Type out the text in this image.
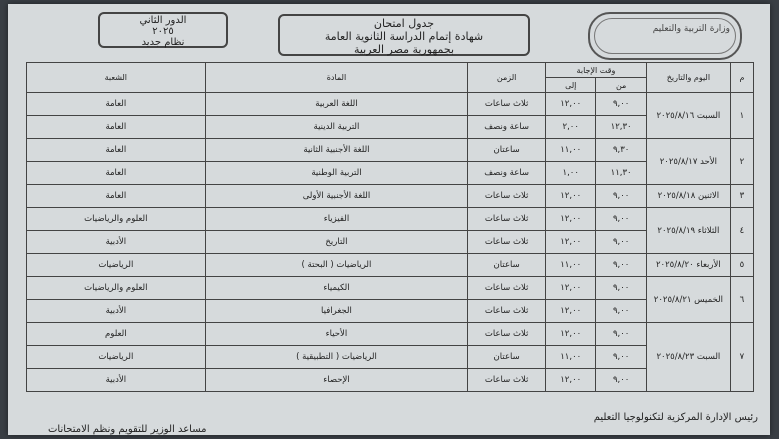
وزارة التربية والتعليم
جدول امتحان
شهادة إتمام الدراسة الثانوية العامة
بجمهورية مصر العربية
الدور الثاني
٢٠٢٥
نظام جديد
م	اليوم والتاريخ	وقت الإجابة		الزمن	المادة	الشعبة
		من	إلى			
١	السبت ٢٠٢٥/٨/١٦	٩,٠٠	١٢,٠٠	ثلاث ساعات	اللغة العربية	العامة
		١٢,٣٠	٢,٠٠	ساعة ونصف	التربية الدينية	العامة
٢	الأحد ٢٠٢٥/٨/١٧	٩,٣٠	١١,٠٠	ساعتان	اللغة الأجنبية الثانية	العامة
		١١,٣٠	١,٠٠	ساعة ونصف	التربية الوطنية	العامة
٣	الاثنين ٢٠٢٥/٨/١٨	٩,٠٠	١٢,٠٠	ثلاث ساعات	اللغة الأجنبية الأولى	العامة
٤	الثلاثاء ٢٠٢٥/٨/١٩	٩,٠٠	١٢,٠٠	ثلاث ساعات	الفيزياء	العلوم والرياضيات
		٩,٠٠	١٢,٠٠	ثلاث ساعات	التاريخ	الأدبية
٥	الأربعاء ٢٠٢٥/٨/٢٠	٩,٠٠	١١,٠٠	ساعتان	الرياضيات ( البحتة )	الرياضيات
٦	الخميس ٢٠٢٥/٨/٢١	٩,٠٠	١٢,٠٠	ثلاث ساعات	الكيمياء	العلوم والرياضيات
		٩,٠٠	١٢,٠٠	ثلاث ساعات	الجغرافيا	الأدبية
٧	السبت ٢٠٢٥/٨/٢٣	٩,٠٠	١٢,٠٠	ثلاث ساعات	الأحياء	العلوم
		٩,٠٠	١١,٠٠	ساعتان	الرياضيات ( التطبيقية )	الرياضيات
		٩,٠٠	١٢,٠٠	ثلاث ساعات	الإحصاء	الأدبية
رئيس الإدارة المركزية لتكنولوجيا التعليم
مساعد الوزير للتقويم ونظم الامتحانات
